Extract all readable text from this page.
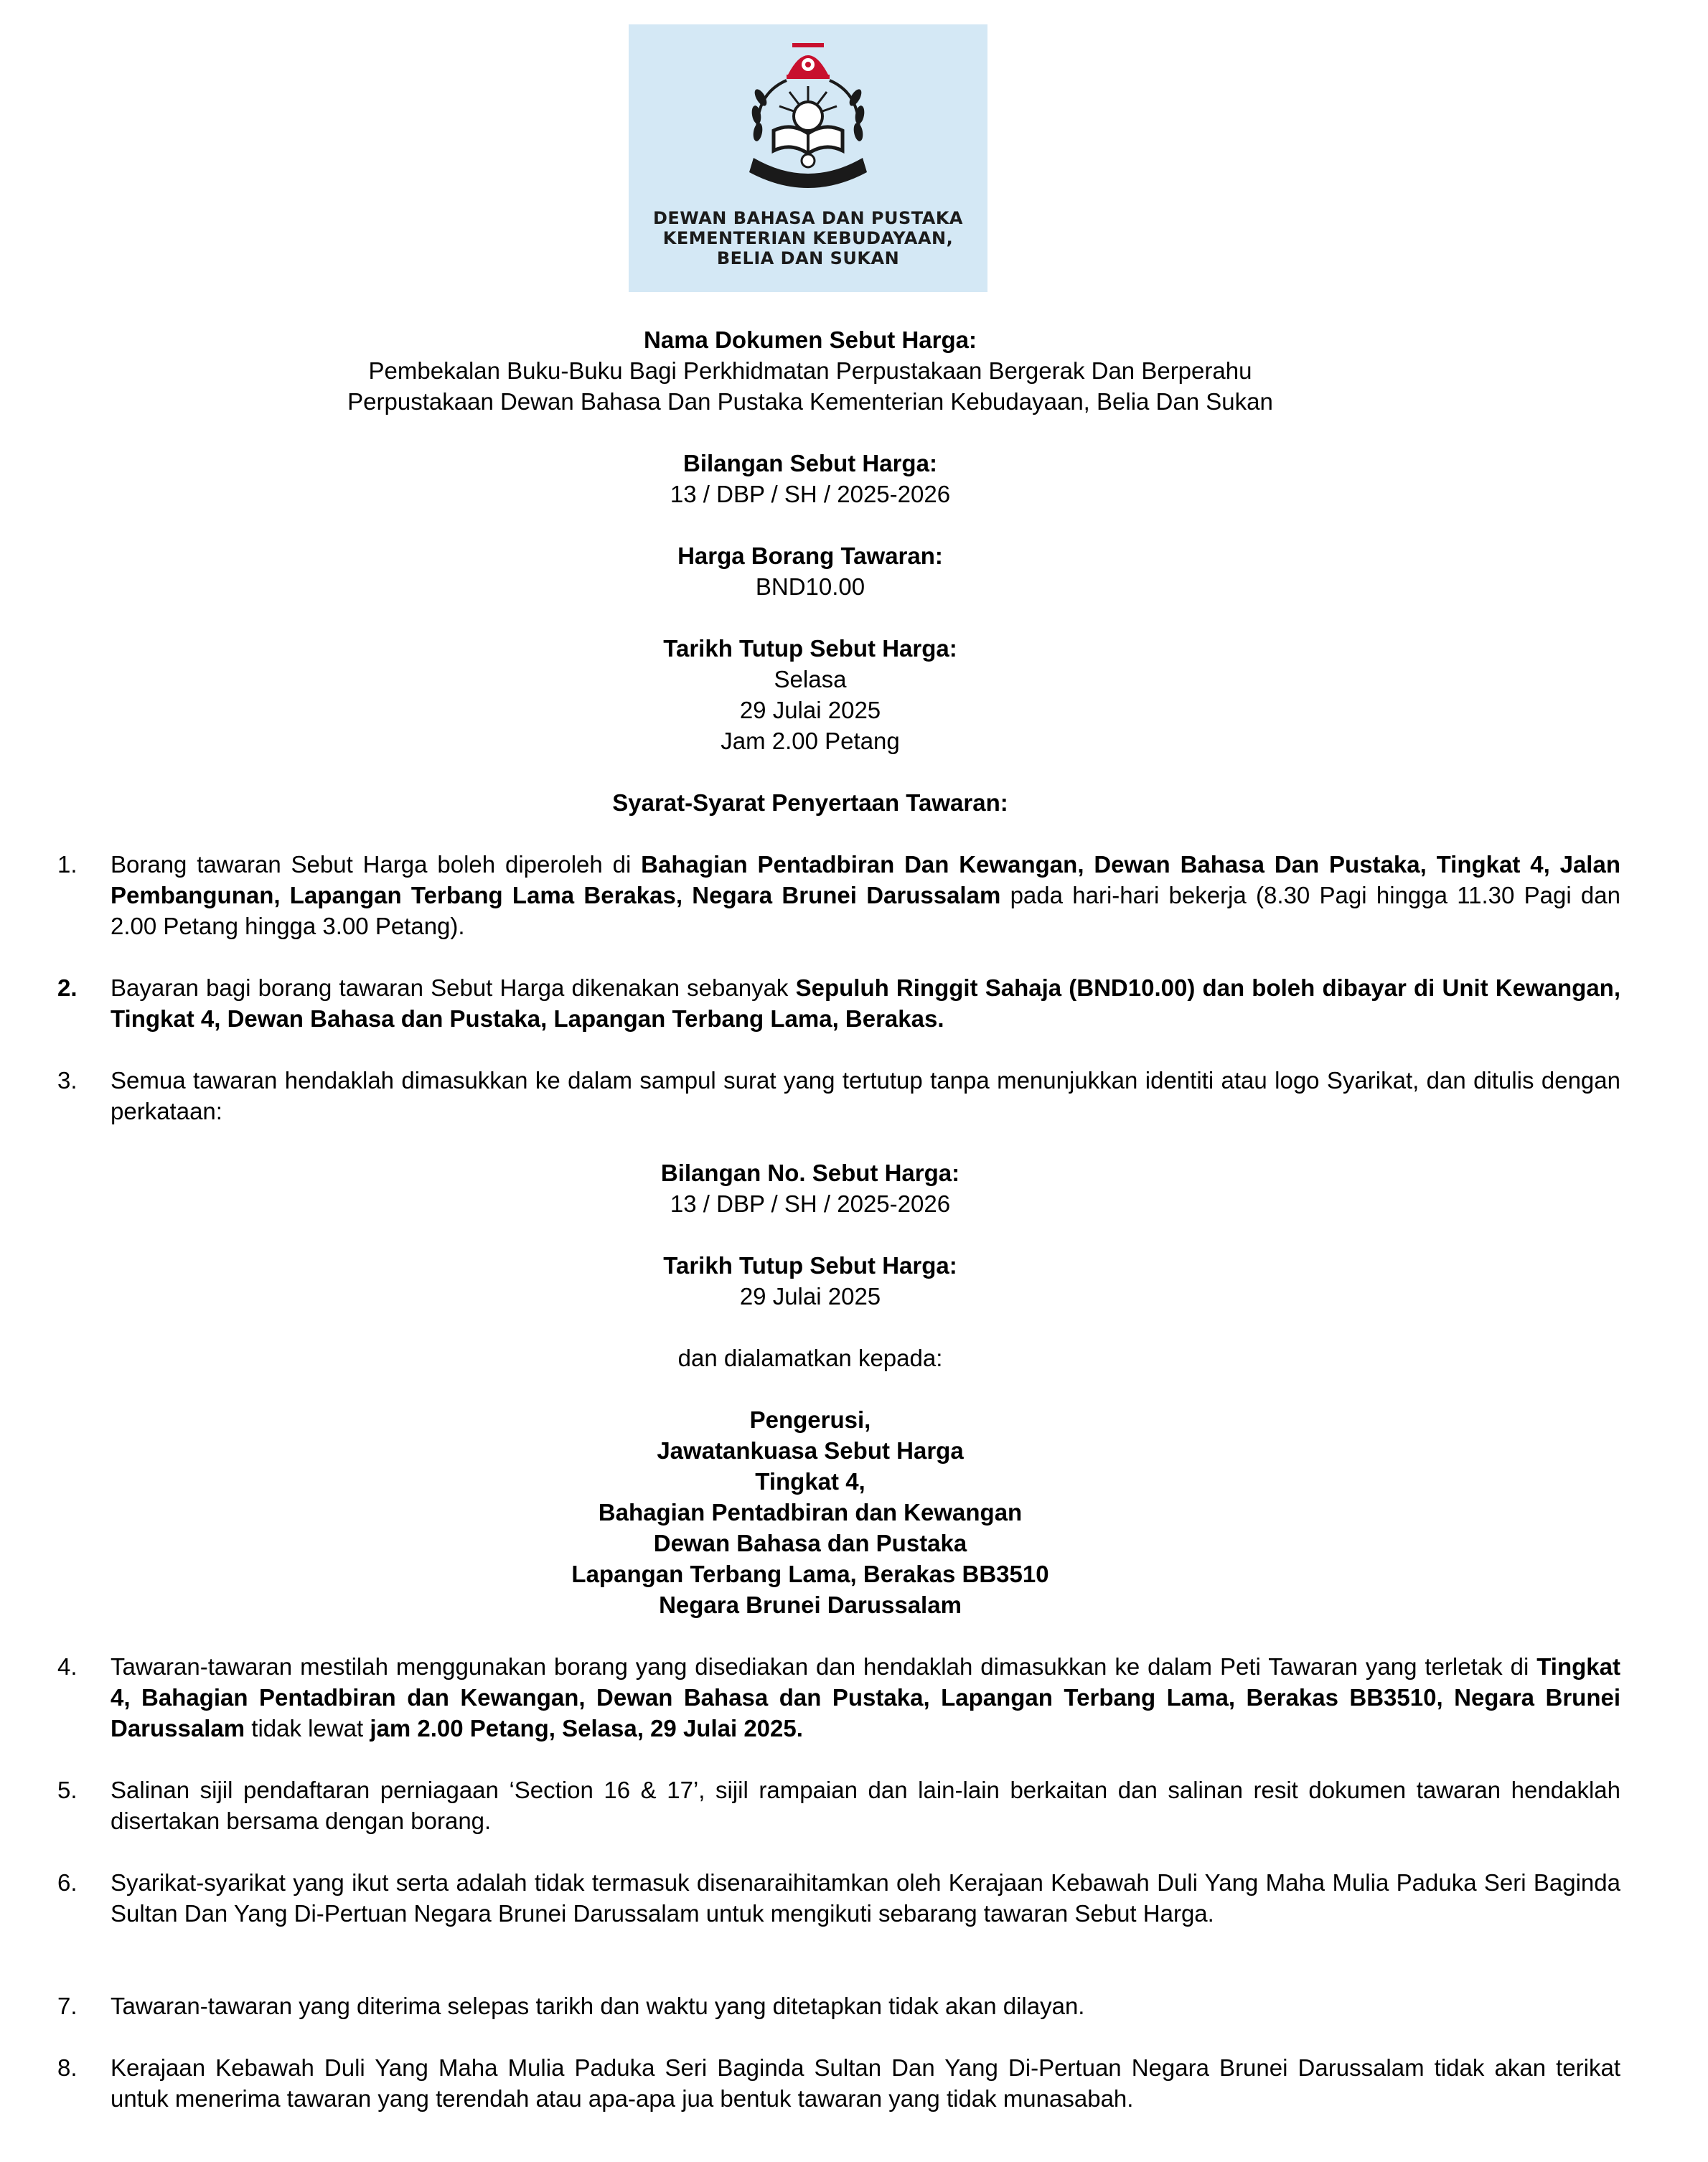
DEWAN BAHASA DAN PUSTAKA
KEMENTERIAN KEBUDAYAAN,
BELIA DAN SUKAN
Nama Dokumen Sebut Harga:
Pembekalan Buku-Buku Bagi Perkhidmatan Perpustakaan Bergerak Dan Berperahu
Perpustakaan Dewan Bahasa Dan Pustaka Kementerian Kebudayaan, Belia Dan Sukan
Bilangan Sebut Harga:
13 / DBP / SH / 2025-2026
Harga Borang Tawaran:
BND10.00
Tarikh Tutup Sebut Harga:
Selasa
29 Julai 2025
Jam 2.00 Petang
Syarat-Syarat Penyertaan Tawaran:
1.	Borang tawaran Sebut Harga boleh diperoleh di Bahagian Pentadbiran Dan Kewangan, Dewan Bahasa Dan Pustaka, Tingkat 4, Jalan Pembangunan, Lapangan Terbang Lama Berakas, Negara Brunei Darussalam pada hari-hari bekerja (8.30 Pagi hingga 11.30 Pagi dan 2.00 Petang hingga 3.00 Petang).
2.	Bayaran bagi borang tawaran Sebut Harga dikenakan sebanyak Sepuluh Ringgit Sahaja (BND10.00) dan boleh dibayar di Unit Kewangan, Tingkat 4, Dewan Bahasa dan Pustaka, Lapangan Terbang Lama, Berakas.
3.	Semua tawaran hendaklah dimasukkan ke dalam sampul surat yang tertutup tanpa menunjukkan identiti atau logo Syarikat, dan ditulis dengan perkataan:
Bilangan No. Sebut Harga:
13 / DBP / SH / 2025-2026
Tarikh Tutup Sebut Harga:
29 Julai 2025
dan dialamatkan kepada:
Pengerusi,
Jawatankuasa Sebut Harga
Tingkat 4,
Bahagian Pentadbiran dan Kewangan
Dewan Bahasa dan Pustaka
Lapangan Terbang Lama, Berakas BB3510
Negara Brunei Darussalam
4.	Tawaran-tawaran mestilah menggunakan borang yang disediakan dan hendaklah dimasukkan ke dalam Peti Tawaran yang terletak di Tingkat 4, Bahagian Pentadbiran dan Kewangan, Dewan Bahasa dan Pustaka, Lapangan Terbang Lama, Berakas BB3510, Negara Brunei Darussalam tidak lewat jam 2.00 Petang, Selasa, 29 Julai 2025.
5.	Salinan sijil pendaftaran perniagaan ‘Section 16 & 17’, sijil rampaian dan lain-lain berkaitan dan salinan resit dokumen tawaran hendaklah disertakan bersama dengan borang.
6.	Syarikat-syarikat yang ikut serta adalah tidak termasuk disenaraihitamkan oleh Kerajaan Kebawah Duli Yang Maha Mulia Paduka Seri Baginda Sultan Dan Yang Di-Pertuan Negara Brunei Darussalam untuk mengikuti sebarang tawaran Sebut Harga.
7.	Tawaran-tawaran yang diterima selepas tarikh dan waktu yang ditetapkan tidak akan dilayan.
8.	Kerajaan Kebawah Duli Yang Maha Mulia Paduka Seri Baginda Sultan Dan Yang Di-Pertuan Negara Brunei Darussalam tidak akan terikat untuk menerima tawaran yang terendah atau apa-apa jua bentuk tawaran yang tidak munasabah.
